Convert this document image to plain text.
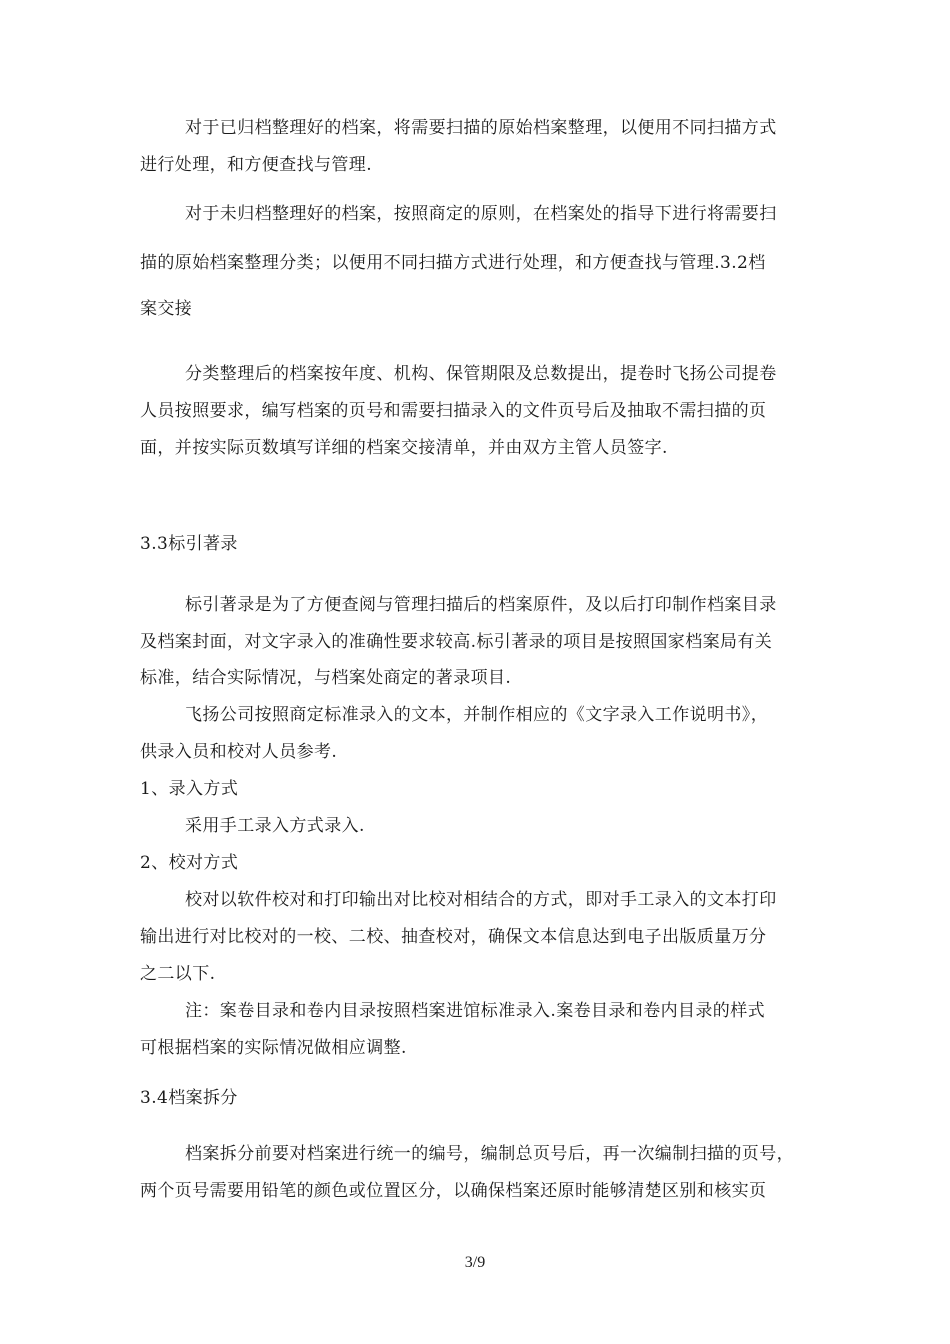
对于已归档整理好的档案，将需要扫描的原始档案整理，以便用不同扫描方式

进行处理，和方便查找与管理.

对于未归档整理好的档案，按照商定的原则，在档案处的指导下进行将需要扫

描的原始档案整理分类；以便用不同扫描方式进行处理，和方便查找与管理.3.2档

案交接

分类整理后的档案按年度、机构、保管期限及总数提出，提卷时飞扬公司提卷

人员按照要求，编写档案的页号和需要扫描录入的文件页号后及抽取不需扫描的页

面，并按实际页数填写详细的档案交接清单，并由双方主管人员签字.

3.3标引著录

标引著录是为了方便查阅与管理扫描后的档案原件，及以后打印制作档案目录

及档案封面，对文字录入的准确性要求较高.标引著录的项目是按照国家档案局有关

标准，结合实际情况，与档案处商定的著录项目.

飞扬公司按照商定标准录入的文本，并制作相应的《文字录入工作说明书》，

供录入员和校对人员参考.

1、录入方式

采用手工录入方式录入.

2、校对方式

校对以软件校对和打印输出对比校对相结合的方式，即对手工录入的文本打印

输出进行对比校对的一校、二校、抽查校对，确保文本信息达到电子出版质量万分

之二以下.

注：案卷目录和卷内目录按照档案进馆标准录入.案卷目录和卷内目录的样式

可根据档案的实际情况做相应调整.

3.4档案拆分

档案拆分前要对档案进行统一的编号，编制总页号后，再一次编制扫描的页号，

两个页号需要用铅笔的颜色或位置区分，以确保档案还原时能够清楚区别和核实页

3/9
